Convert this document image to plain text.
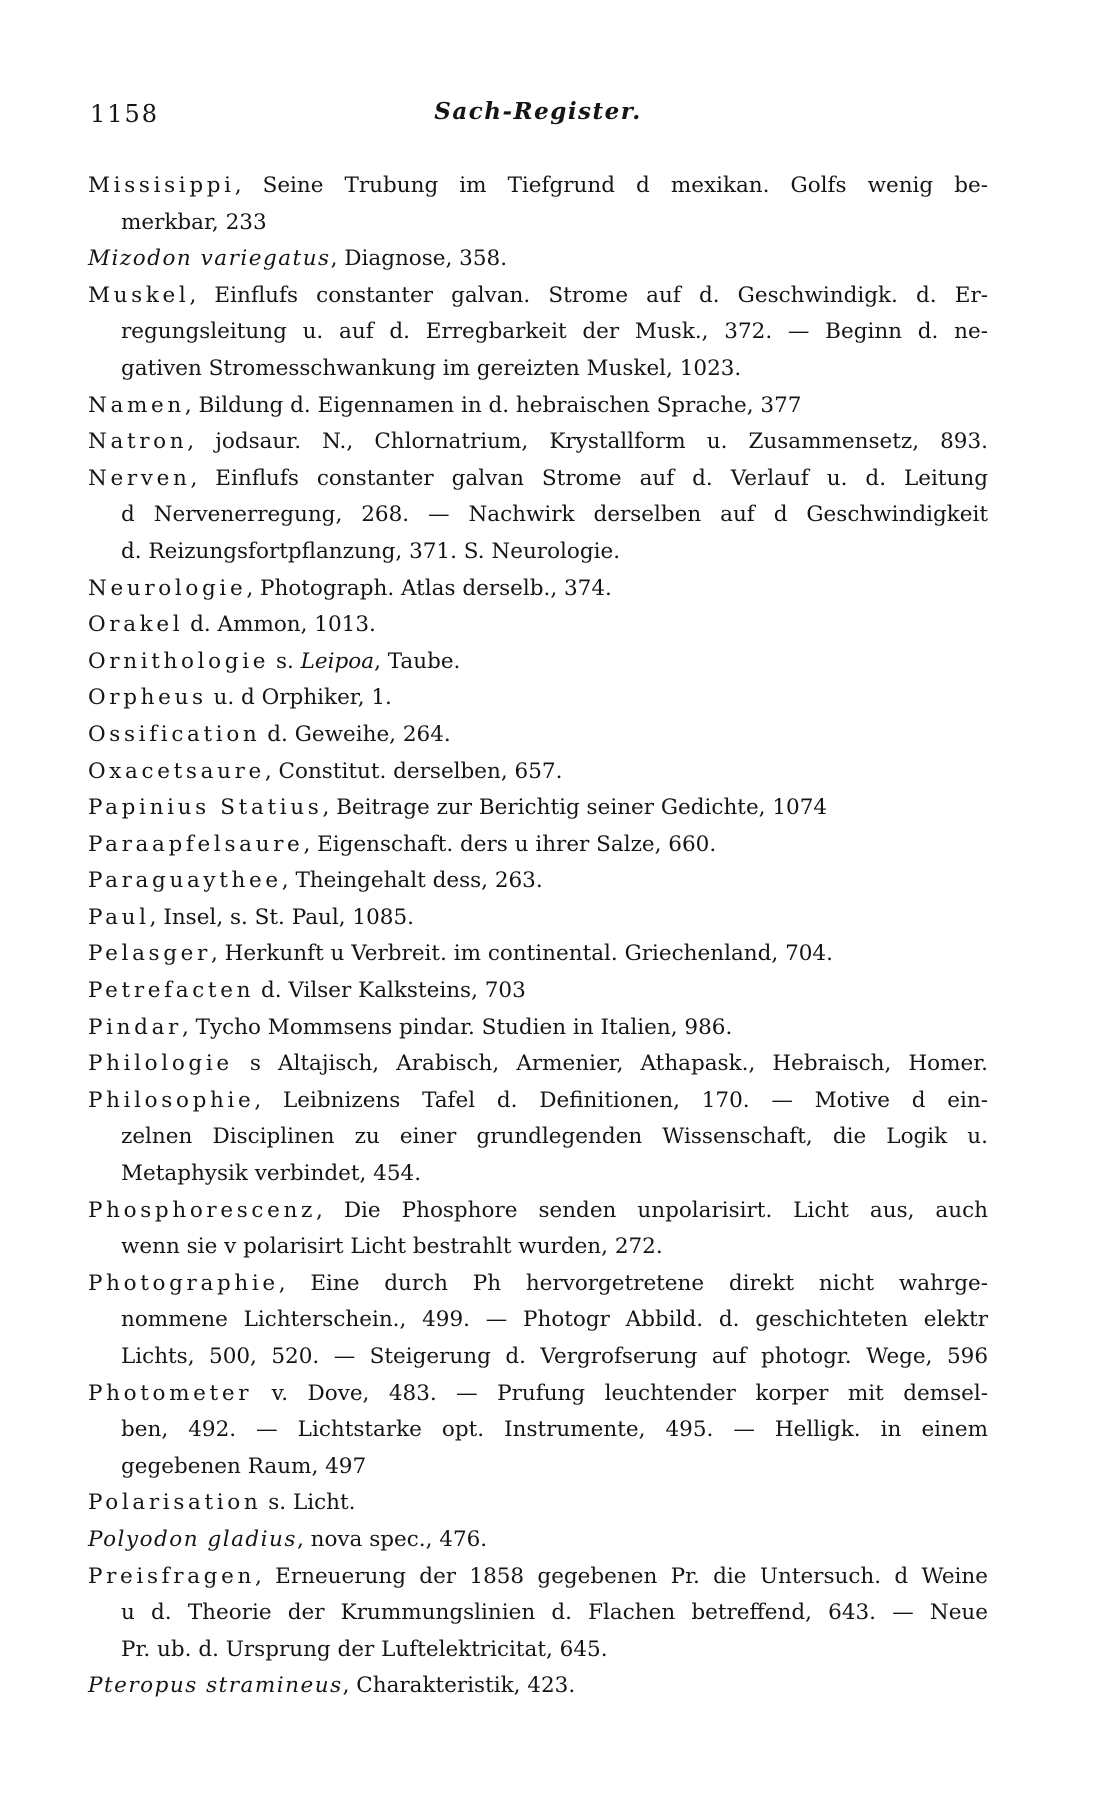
1158	Sach-Register.

Missisippi, Seine Trubung im Tiefgrund d mexikan. Golfs wenig be-
merkbar, 233

Mizodon variegatus, Diagnose, 358.

Muskel, Einflufs constanter galvan. Strome auf d. Geschwindigk. d. Er-
regungsleitung u. auf d. Erregbarkeit der Musk., 372. — Beginn d. ne-
gativen Stromesschwankung im gereizten Muskel, 1023.

Namen, Bildung d. Eigennamen in d. hebraischen Sprache, 377

Natron, jodsaur. N., Chlornatrium, Krystallform u. Zusammensetz, 893.

Nerven, Einflufs constanter galvan Strome auf d. Verlauf u. d. Leitung
d Nervenerregung, 268. — Nachwirk derselben auf d Geschwindigkeit
d. Reizungsfortpflanzung, 371. S. Neurologie.

Neurologie, Photograph. Atlas derselb., 374.

Orakel d. Ammon, 1013.

Ornithologie s. Leipoa, Taube.

Orpheus u. d Orphiker, 1.

Ossification d. Geweihe, 264.

Oxacetsaure, Constitut. derselben, 657.

Papinius Statius, Beitrage zur Berichtig seiner Gedichte, 1074

Paraapfelsaure, Eigenschaft. ders u ihrer Salze, 660.

Paraguaythee, Theingehalt dess, 263.

Paul, Insel, s. St. Paul, 1085.

Pelasger, Herkunft u Verbreit. im continental. Griechenland, 704.

Petrefacten d. Vilser Kalksteins, 703

Pindar, Tycho Mommsens pindar. Studien in Italien, 986.

Philologie s Altajisch, Arabisch, Armenier, Athapask., Hebraisch, Homer.

Philosophie, Leibnizens Tafel d. Definitionen, 170. — Motive d ein-
zelnen Disciplinen zu einer grundlegenden Wissenschaft, die Logik u.
Metaphysik verbindet, 454.

Phosphorescenz, Die Phosphore senden unpolarisirt. Licht aus, auch
wenn sie v polarisirt Licht bestrahlt wurden, 272.

Photographie, Eine durch Ph hervorgetretene direkt nicht wahrge-
nommene Lichterschein., 499. — Photogr Abbild. d. geschichteten elektr
Lichts, 500, 520. — Steigerung d. Vergrofserung auf photogr. Wege, 596

Photometer v. Dove, 483. — Prufung leuchtender korper mit demsel-
ben, 492. — Lichtstarke opt. Instrumente, 495. — Helligk. in einem
gegebenen Raum, 497

Polarisation s. Licht.

Polyodon gladius, nova spec., 476.

Preisfragen, Erneuerung der 1858 gegebenen Pr. die Untersuch. d Weine
u d. Theorie der Krummungslinien d. Flachen betreffend, 643. — Neue
Pr. ub. d. Ursprung der Luftelektricitat, 645.

Pteropus stramineus, Charakteristik, 423.
